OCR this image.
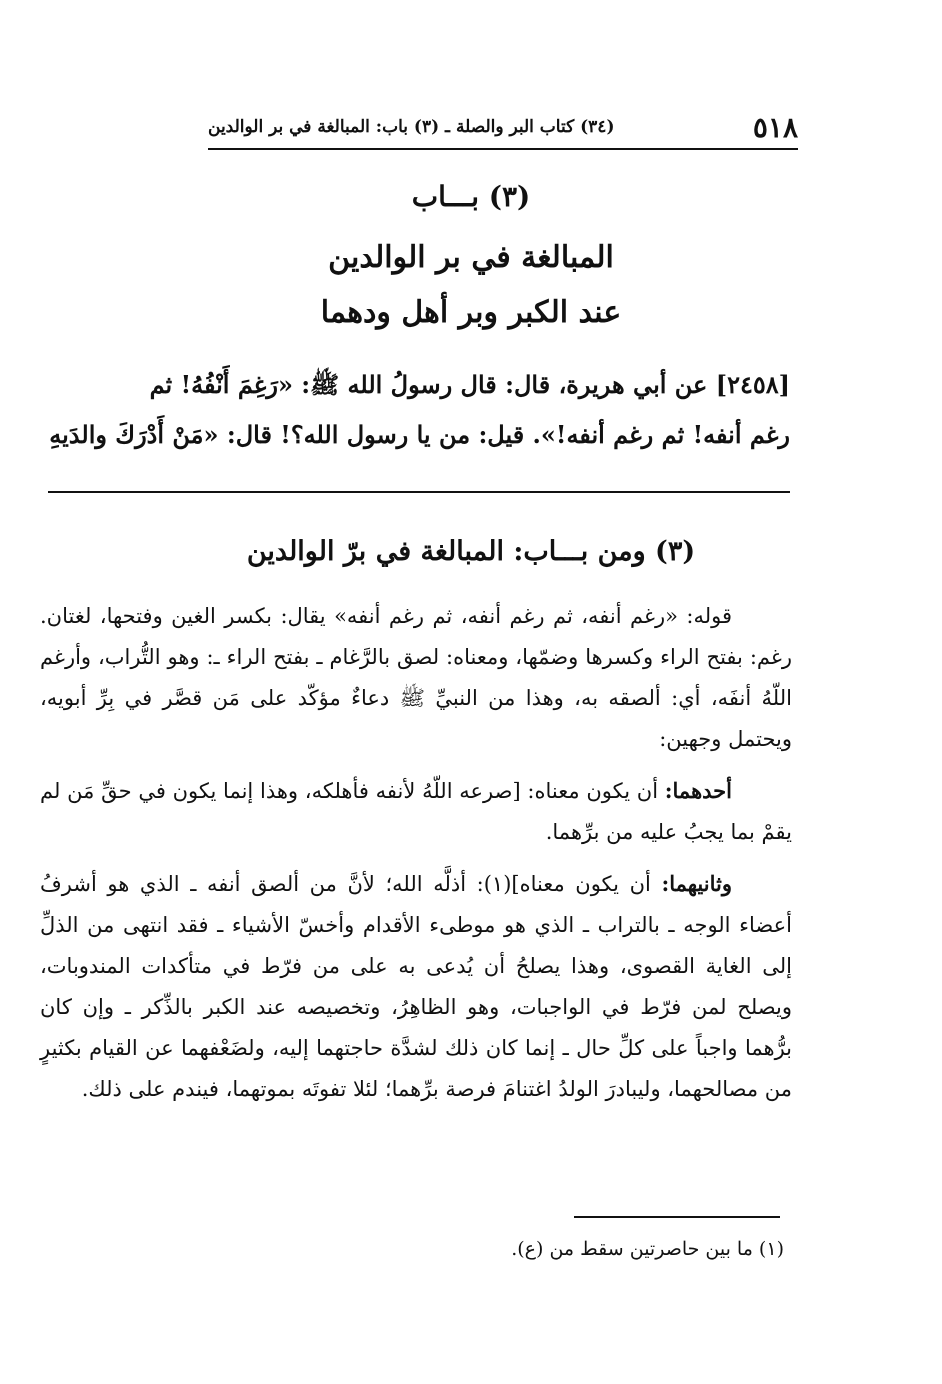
٥١٨
(٣٤) كتاب البر والصلة ـ (٣) باب: المبالغة في بر الوالدين
(٣) بـــاب
المبالغة في بر الوالدين
عند الكبر وبر أهل ودهما
[٢٤٥٨] عن أبي هريرة، قال: قال رسولُ الله ﷺ: «رَغِمَ أَنْفُهُ! ثم
رغم أنفه! ثم رغم أنفه!». قيل: من يا رسول الله؟! قال: «مَنْ أَدْرَكَ والدَيهِ
(٣) ومن بـــاب: المبالغة في برّ الوالدين
قوله: «رغم أنفه، ثم رغم أنفه، ثم رغم أنفه» يقال: بكسر الغين وفتحها، لغتان. رغم: بفتح الراء وكسرها وضمّها، ومعناه: لصق بالرَّغام ـ بفتح الراء ـ: وهو التُّراب، وأرغم اللّهُ أنفَه، أي: ألصقه به، وهذا من النبيِّ ﷺ دعاءٌ مؤكّد على مَن قصَّر في بِرِّ أبويه، ويحتمل وجهين:
أحدهما: أن يكون معناه: [صرعه اللّهُ لأنفه فأهلكه، وهذا إنما يكون في حقِّ مَن لم يقمْ بما يجبُ عليه من برِّهما.
وثانيهما: أن يكون معناه](١): أذلَّه الله؛ لأنَّ من ألصق أنفه ـ الذي هو أشرفُ أعضاء الوجه ـ بالتراب ـ الذي هو موطىء الأقدام وأخسّ الأشياء ـ فقد انتهى من الذلِّ إلى الغاية القصوى، وهذا يصلحُ أن يُدعى به على من فرّط في متأكدات المندوبات، ويصلح لمن فرّط في الواجبات، وهو الظاهِرُ، وتخصيصه عند الكبر بالذِّكر ـ وإن كان برُّهما واجباً على كلِّ حال ـ إنما كان ذلك لشدَّة حاجتهما إليه، ولضَعْفهما عن القيام بكثيرٍ من مصالحهما، وليبادرَ الولدُ اغتنامَ فرصة برِّهما؛ لئلا تفوتَه بموتهما، فيندم على ذلك.
(١) ما بين حاصرتين سقط من (ع).
